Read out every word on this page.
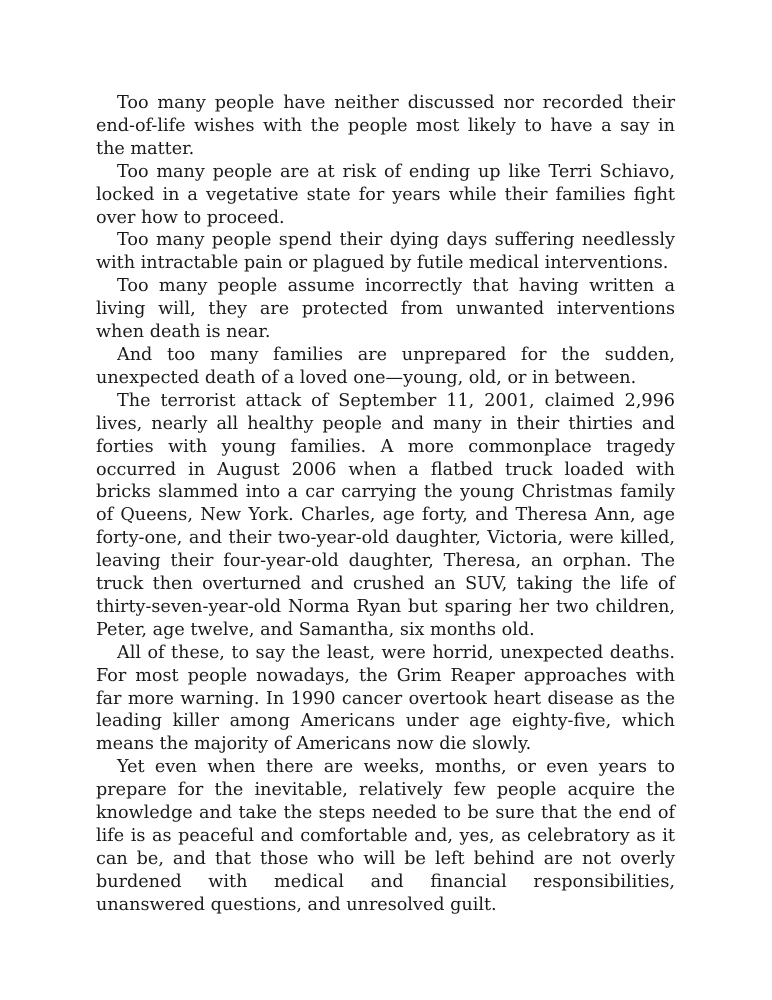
Too many people have neither discussed nor recorded their end-of-life wishes with the people most likely to have a say in the matter.

Too many people are at risk of ending up like Terri Schiavo, locked in a vegetative state for years while their families fight over how to proceed.

Too many people spend their dying days suffering needlessly with intractable pain or plagued by futile medical interventions.

Too many people assume incorrectly that having written a living will, they are protected from unwanted interventions when death is near.

And too many families are unprepared for the sudden, unexpected death of a loved one—young, old, or in between.

The terrorist attack of September 11, 2001, claimed 2,996 lives, nearly all healthy people and many in their thirties and forties with young families. A more commonplace tragedy occurred in August 2006 when a flatbed truck loaded with bricks slammed into a car carrying the young Christmas family of Queens, New York. Charles, age forty, and Theresa Ann, age forty-one, and their two-year-old daughter, Victoria, were killed, leaving their four-year-old daughter, Theresa, an orphan. The truck then overturned and crushed an SUV, taking the life of thirty-seven-year-old Norma Ryan but sparing her two children, Peter, age twelve, and Samantha, six months old.

All of these, to say the least, were horrid, unexpected deaths. For most people nowadays, the Grim Reaper approaches with far more warning. In 1990 cancer overtook heart disease as the leading killer among Americans under age eighty-five, which means the majority of Americans now die slowly.

Yet even when there are weeks, months, or even years to prepare for the inevitable, relatively few people acquire the knowledge and take the steps needed to be sure that the end of life is as peaceful and comfortable and, yes, as celebratory as it can be, and that those who will be left behind are not overly burdened with medical and financial responsibilities, unanswered questions, and unresolved guilt.
